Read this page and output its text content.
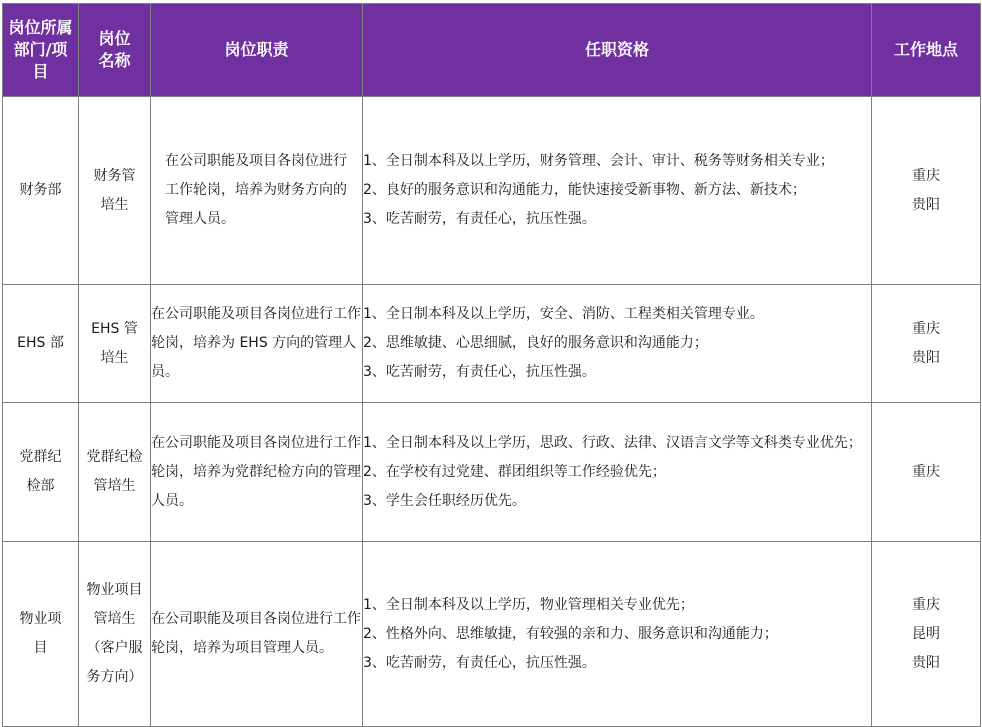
岗位所属部门/项目	岗位名称	岗位职责	任职资格	工作地点
财务部	财务管培生	在公司职能及项目各岗位进行工作轮岗，培养为财务方向的管理人员。	1、全日制本科及以上学历，财务管理、会计、审计、税务等财务相关专业；
2、良好的服务意识和沟通能力，能快速接受新事物、新方法、新技术；
3、吃苦耐劳，有责任心，抗压性强。	重庆
贵阳

EHS 部	EHS 管培生	在公司职能及项目各岗位进行工作轮岗，培养为 EHS 方向的管理人员。	1、全日制本科及以上学历，安全、消防、工程类相关管理专业。
2、思维敏捷、心思细腻，良好的服务意识和沟通能力；
3、吃苦耐劳，有责任心，抗压性强。	重庆
贵阳

党群纪检部	党群纪检管培生	在公司职能及项目各岗位进行工作轮岗，培养为党群纪检方向的管理人员。	1、全日制本科及以上学历，思政、行政、法律、汉语言文学等文科类专业优先；
2、在学校有过党建、群团组织等工作经验优先；
3、学生会任职经历优先。	重庆

物业项目	物业项目管培生（客户服务方向）	在公司职能及项目各岗位进行工作轮岗，培养为项目管理人员。	1、全日制本科及以上学历，物业管理相关专业优先；
2、性格外向、思维敏捷，有较强的亲和力、服务意识和沟通能力；
3、吃苦耐劳，有责任心，抗压性强。	重庆
昆明
贵阳
